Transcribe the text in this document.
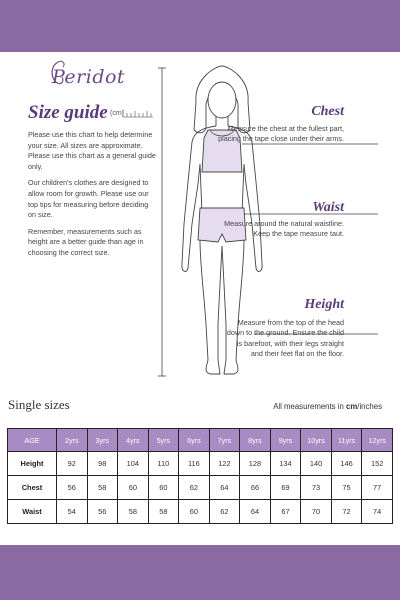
Peridot
Size guide (cm)

Please use this chart to help determine your size. All sizes are approximate. Please use this chart as a general guide only.

Our children's clothes are designed to allow room for growth. Please use our top tips for measuring before deciding on size.

Remember, measurements such as height are a better guide than age in choosing the correct size.

Chest
Measure the chest at the fullest part,
placing the tape close under their arms.
Waist
Measure around the natural waistline.
Keep the tape measure taut.
Height
Measure from the top of the head
down to the ground. Ensure the child
is barefoot, with their legs straight
and their feet flat on the floor.
Single sizes	All measurements in cm/inches
AGE	2yrs	3yrs	4yrs	5yrs	6yrs	7yrs	8yrs	9yrs	10yrs	11yrs	12yrs
Height	92	98	104	110	116	122	128	134	140	146	152
Chest	56	58	60	60	62	64	66	69	73	75	77
Waist	54	56	58	58	60	62	64	67	70	72	74
